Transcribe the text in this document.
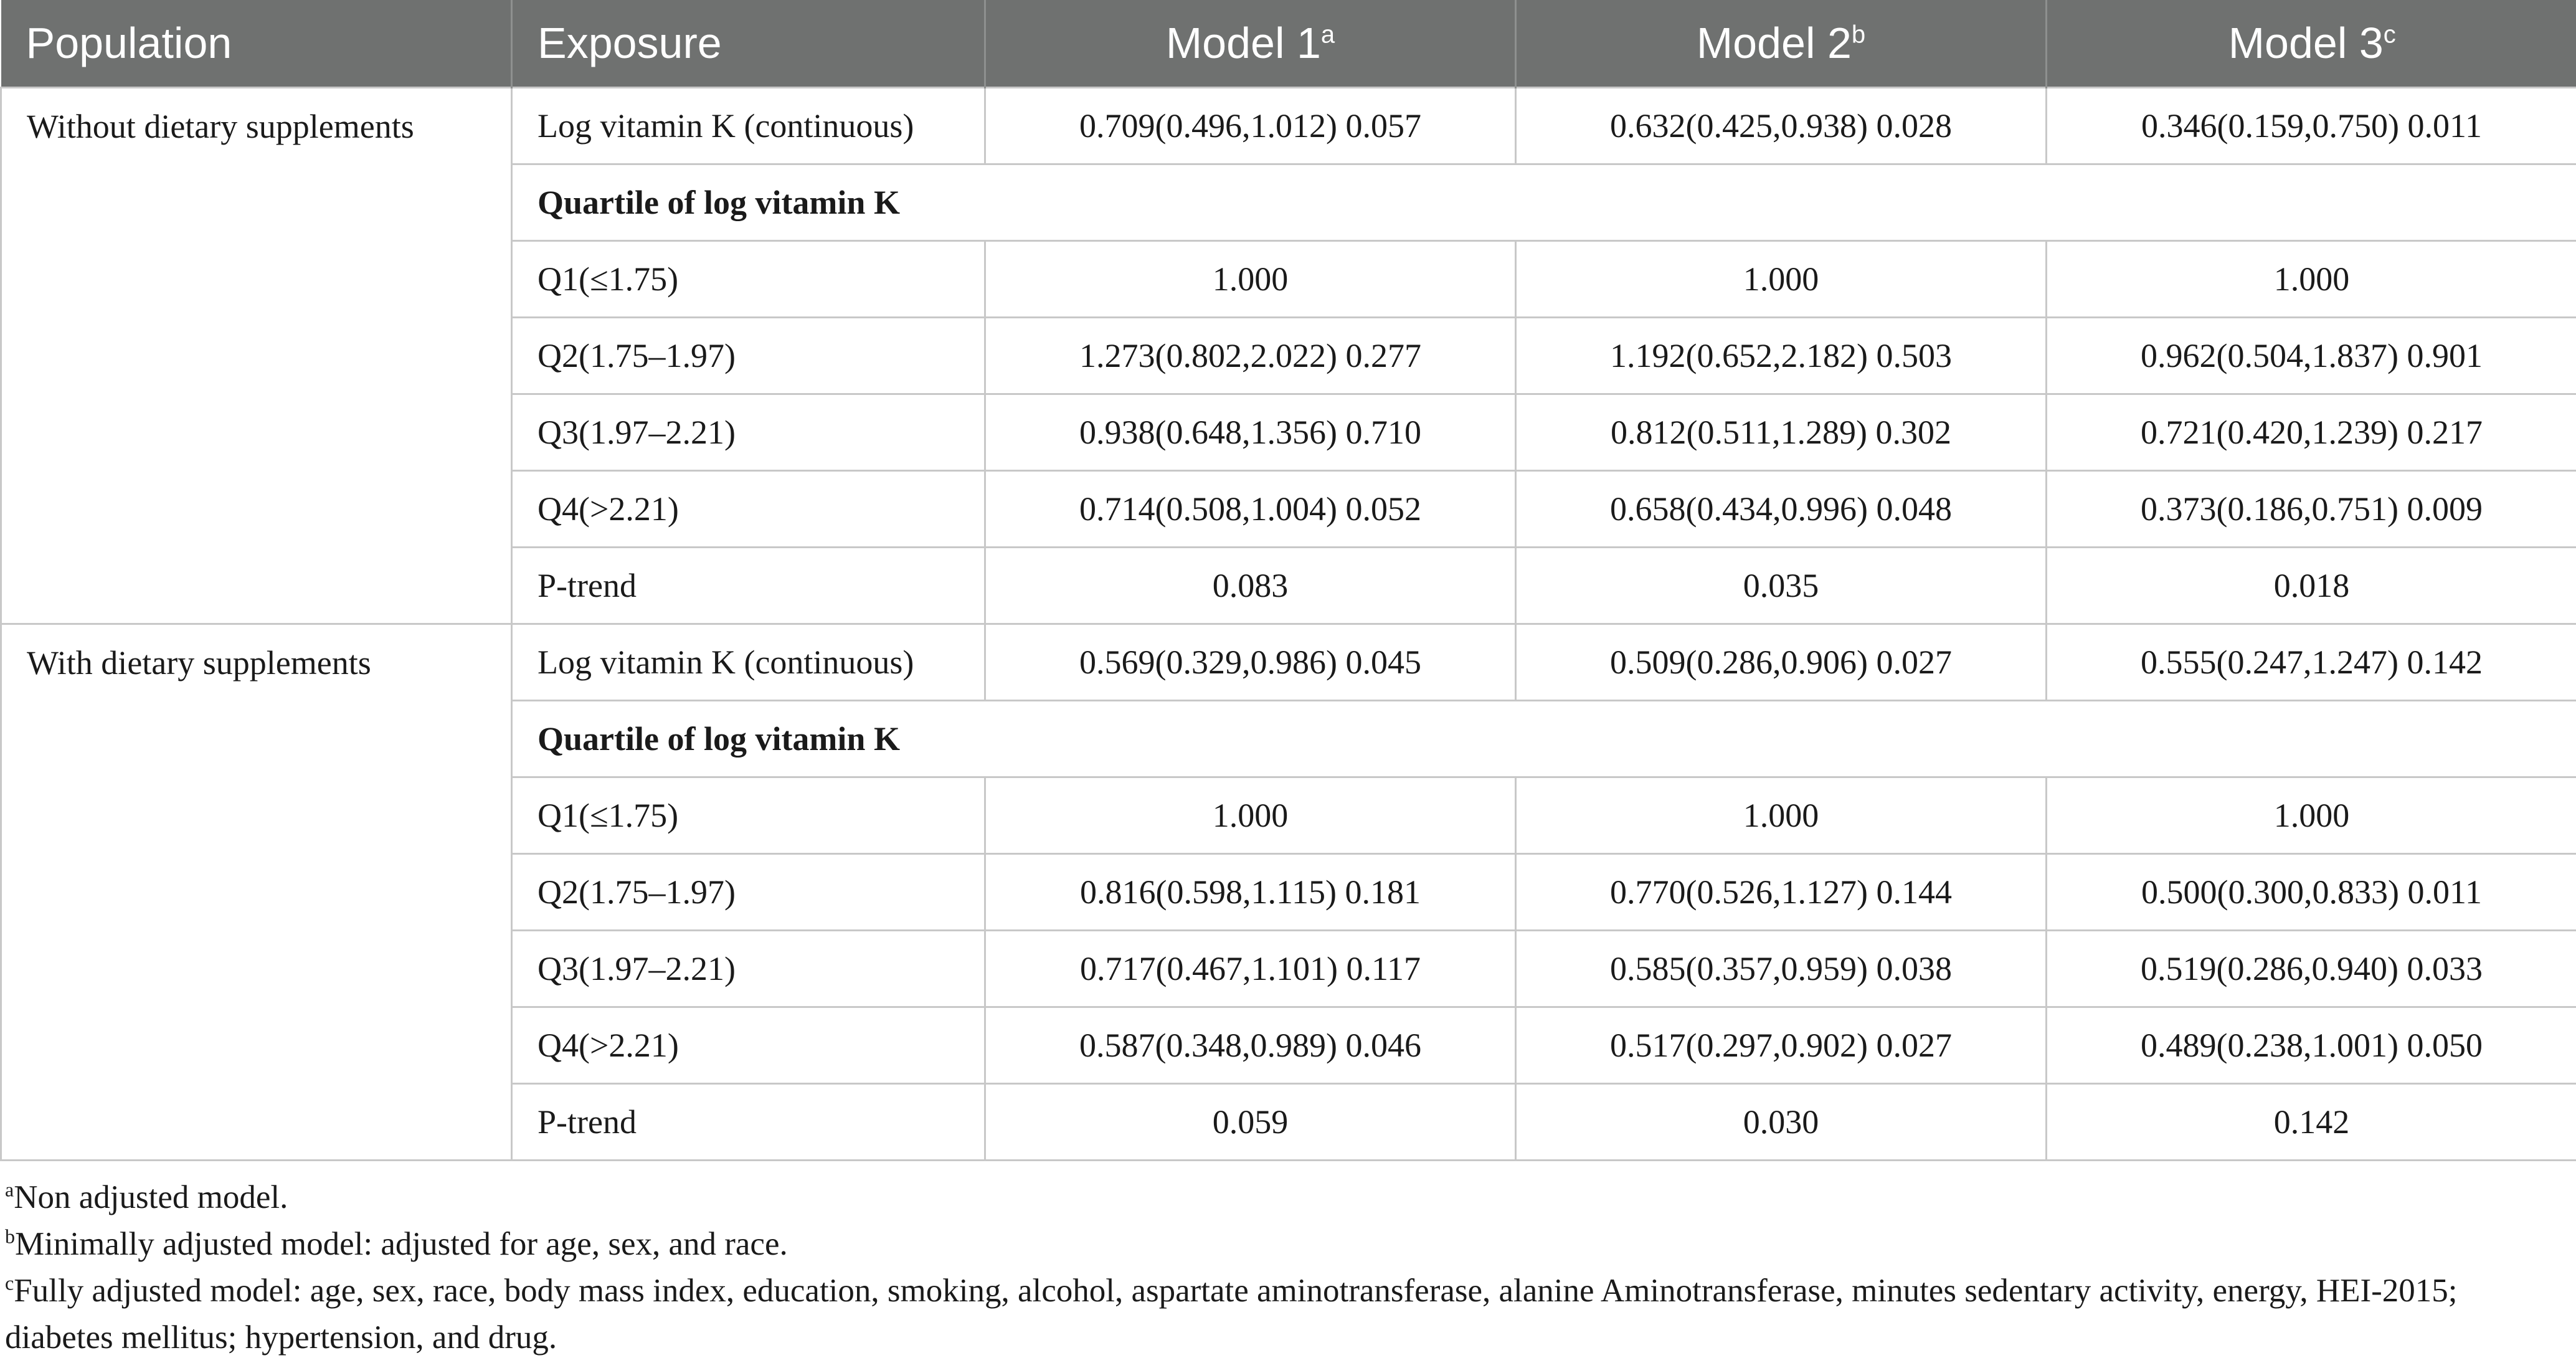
Population	Exposure	Model 1$^a$	Model 2$^b$	Model 3$^c$
Without dietary supplements	Log vitamin K (continuous)	0.709(0.496,1.012) 0.057	0.632(0.425,0.938) 0.028	0.346(0.159,0.750) 0.011
	Quartile of log vitamin K			
	Q1(≤1.75)	1.000	1.000	1.000
	Q2(1.75–1.97)	1.273(0.802,2.022) 0.277	1.192(0.652,2.182) 0.503	0.962(0.504,1.837) 0.901
	Q3(1.97–2.21)	0.938(0.648,1.356) 0.710	0.812(0.511,1.289) 0.302	0.721(0.420,1.239) 0.217
	Q4(>2.21)	0.714(0.508,1.004) 0.052	0.658(0.434,0.996) 0.048	0.373(0.186,0.751) 0.009
	P-trend	0.083	0.035	0.018
With dietary supplements	Log vitamin K (continuous)	0.569(0.329,0.986) 0.045	0.509(0.286,0.906) 0.027	0.555(0.247,1.247) 0.142
	Quartile of log vitamin K			
	Q1(≤1.75)	1.000	1.000	1.000
	Q2(1.75–1.97)	0.816(0.598,1.115) 0.181	0.770(0.526,1.127) 0.144	0.500(0.300,0.833) 0.011
	Q3(1.97–2.21)	0.717(0.467,1.101) 0.117	0.585(0.357,0.959) 0.038	0.519(0.286,0.940) 0.033
	Q4(>2.21)	0.587(0.348,0.989) 0.046	0.517(0.297,0.902) 0.027	0.489(0.238,1.001) 0.050
	P-trend	0.059	0.030	0.142

$^a$Non adjusted model.

$^b$Minimally adjusted model: adjusted for age, sex, and race.

$^c$Fully adjusted model: age, sex, race, body mass index, education, smoking, alcohol, aspartate aminotransferase, alanine Aminotransferase, minutes sedentary activity, energy, HEI-2015; diabetes mellitus; hypertension, and drug.
